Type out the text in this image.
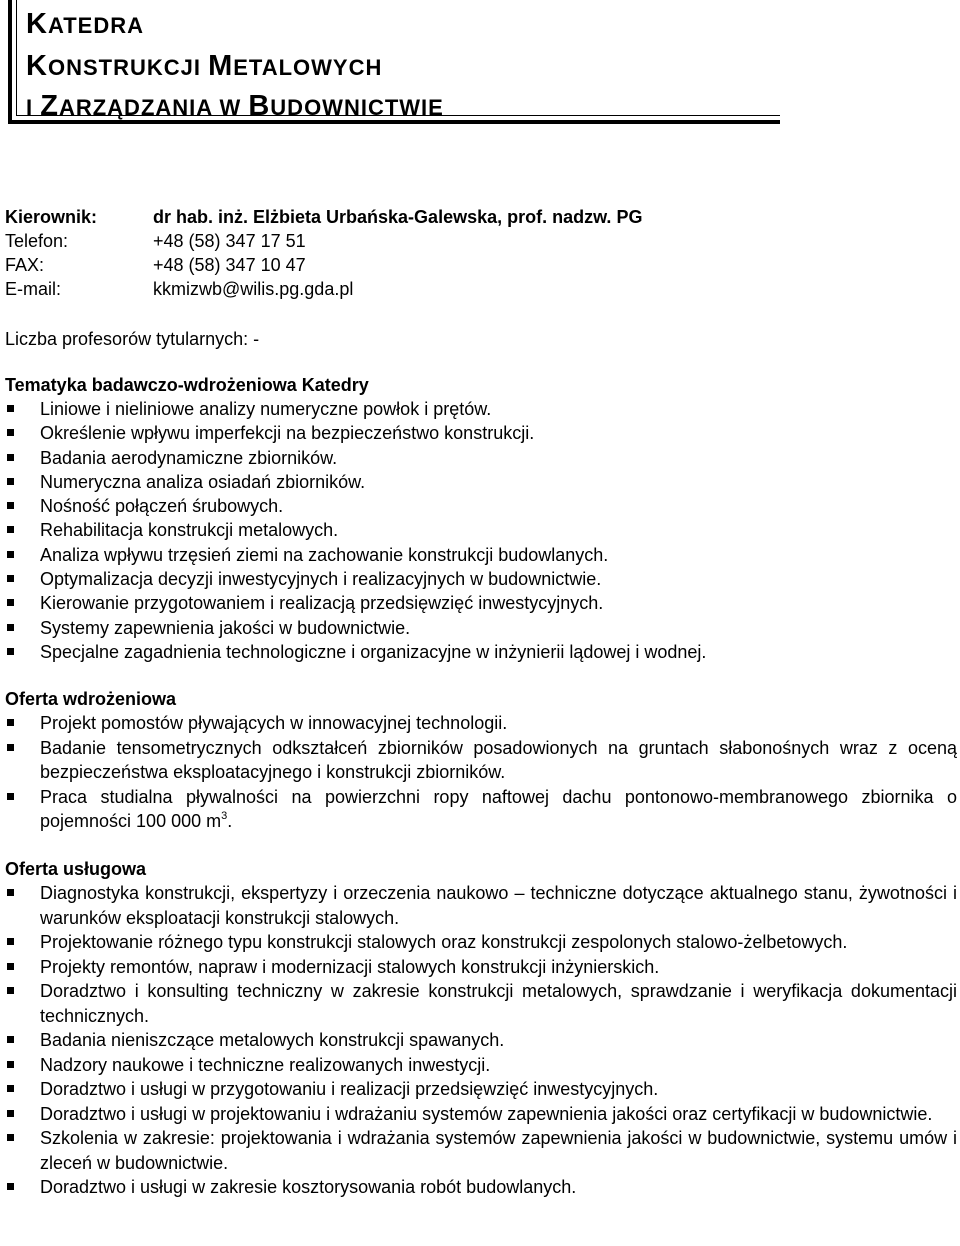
KATEDRA

KONSTRUKCJI METALOWYCH

I ZARZĄDZANIA W BUDOWNICTWIE

Kierownik:	dr hab. inż. Elżbieta Urbańska-Galewska, prof. nadzw. PG
Telefon:	+48 (58) 347 17 51
FAX:	+48 (58) 347 10 47
E-mail:	kkmizwb@wilis.pg.gda.pl

Liczba profesorów tytularnych: -

Tematyka badawczo-wdrożeniowa Katedry
Liniowe i nieliniowe analizy numeryczne powłok i prętów.
Określenie wpływu imperfekcji na bezpieczeństwo konstrukcji.
Badania aerodynamiczne zbiorników.
Numeryczna analiza osiadań zbiorników.
Nośność połączeń śrubowych.
Rehabilitacja konstrukcji metalowych.
Analiza wpływu trzęsień ziemi na zachowanie konstrukcji budowlanych.
Optymalizacja decyzji inwestycyjnych i realizacyjnych w budownictwie.
Kierowanie przygotowaniem i realizacją przedsięwzięć inwestycyjnych.
Systemy zapewnienia jakości w budownictwie.
Specjalne zagadnienia technologiczne i organizacyjne w inżynierii lądowej i wodnej.
Oferta wdrożeniowa
Projekt pomostów pływających w innowacyjnej technologii.
Badanie tensometrycznych odkształceń zbiorników posadowionych na gruntach słabonośnych wraz z oceną bezpieczeństwa eksploatacyjnego i konstrukcji zbiorników.
Praca studialna pływalności na powierzchni ropy naftowej dachu pontonowo-membranowego zbiornika o pojemności 100 000 $m^3$.
Oferta usługowa
Diagnostyka konstrukcji, ekspertyzy i orzeczenia naukowo – techniczne dotyczące aktualnego stanu, żywotności i warunków eksploatacji konstrukcji stalowych.
Projektowanie różnego typu konstrukcji stalowych oraz konstrukcji zespolonych stalowo-żelbetowych.
Projekty remontów, napraw i modernizacji stalowych konstrukcji inżynierskich.
Doradztwo i konsulting techniczny w zakresie konstrukcji metalowych, sprawdzanie i weryfikacja dokumentacji technicznych.
Badania nieniszczące metalowych konstrukcji spawanych.
Nadzory naukowe i techniczne realizowanych inwestycji.
Doradztwo i usługi w przygotowaniu i realizacji przedsięwzięć inwestycyjnych.
Doradztwo i usługi w projektowaniu i wdrażaniu systemów zapewnienia jakości oraz certyfikacji w budownictwie.
Szkolenia w zakresie: projektowania i wdrażania systemów zapewnienia jakości w budownictwie, systemu umów i zleceń w budownictwie.
Doradztwo i usługi w zakresie kosztorysowania robót budowlanych.
